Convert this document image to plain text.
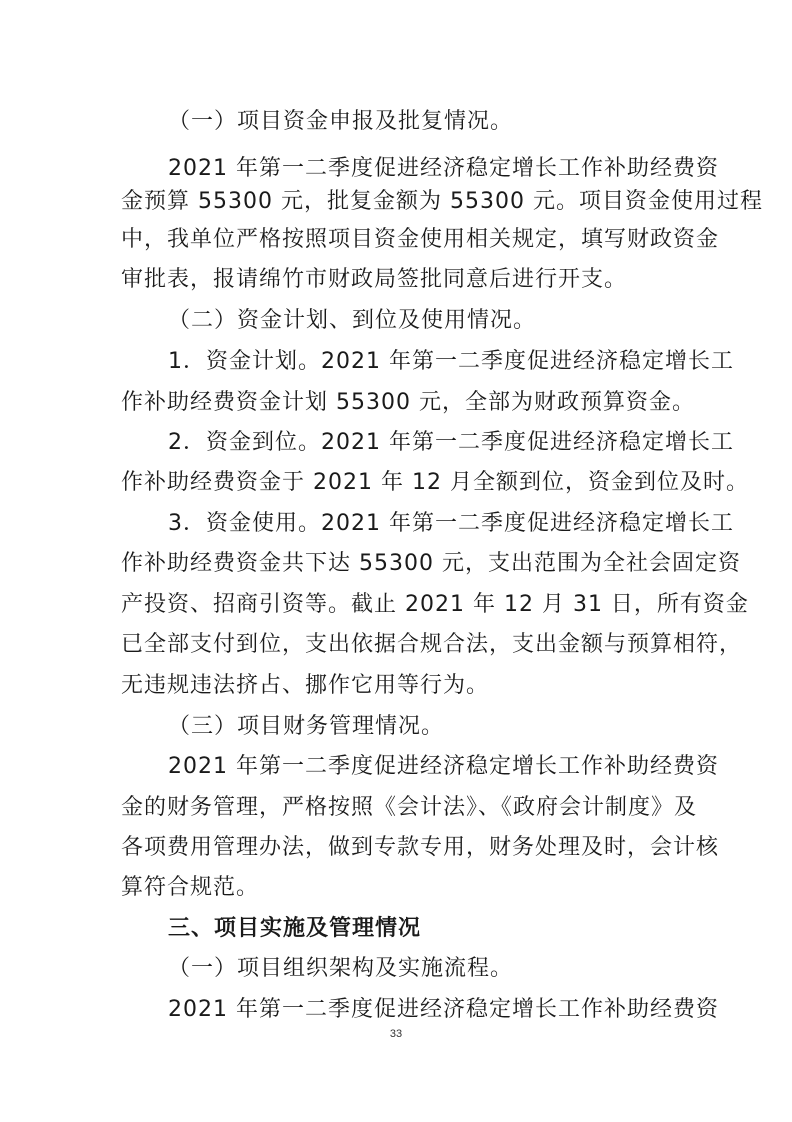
（一）项目资金申报及批复情况。
2021 年第一二季度促进经济稳定增长工作补助经费资
金预算 55300 元，批复金额为 55300 元。项目资金使用过程
中，我单位严格按照项目资金使用相关规定，填写财政资金
审批表，报请绵竹市财政局签批同意后进行开支。
（二）资金计划、到位及使用情况。
1．资金计划。2021 年第一二季度促进经济稳定增长工
作补助经费资金计划 55300 元，全部为财政预算资金。
2．资金到位。2021 年第一二季度促进经济稳定增长工
作补助经费资金于 2021 年 12 月全额到位，资金到位及时。
3．资金使用。2021 年第一二季度促进经济稳定增长工
作补助经费资金共下达 55300 元，支出范围为全社会固定资
产投资、招商引资等。截止 2021 年 12 月 31 日，所有资金
已全部支付到位，支出依据合规合法，支出金额与预算相符，
无违规违法挤占、挪作它用等行为。
（三）项目财务管理情况。
2021 年第一二季度促进经济稳定增长工作补助经费资
金的财务管理，严格按照《会计法》、《政府会计制度》及
各项费用管理办法，做到专款专用，财务处理及时，会计核
算符合规范。
三、项目实施及管理情况
（一）项目组织架构及实施流程。
2021 年第一二季度促进经济稳定增长工作补助经费资
33
